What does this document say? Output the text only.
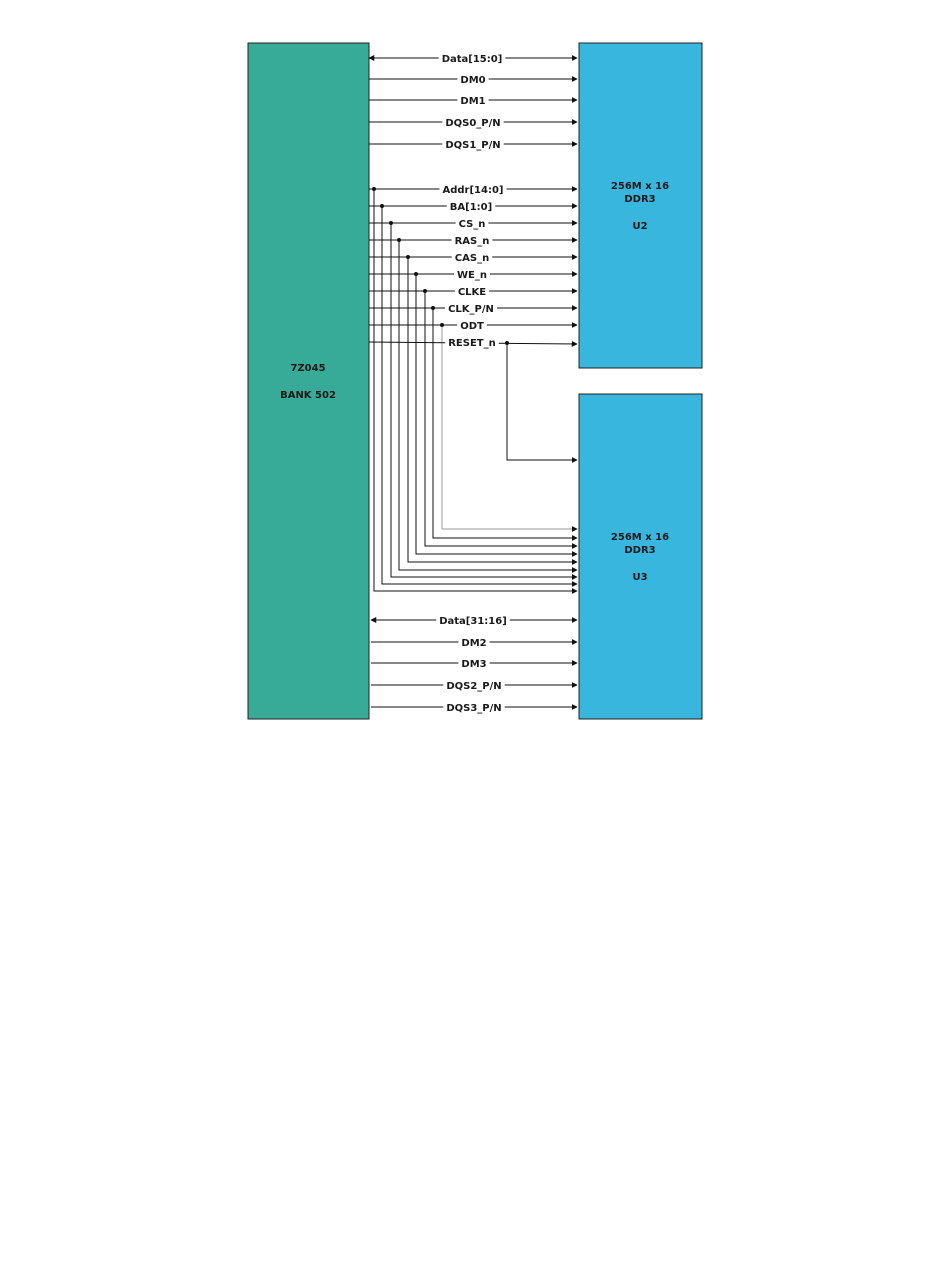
7Z045
BANK 502
256M x 16
DDR3
U2
256M x 16
DDR3
U3
Data[15:0]
DM0
DM1
DQS0_P/N
DQS1_P/N
Addr[14:0]
BA[1:0]
CS_n
RAS_n
CAS_n
WE_n
CLKE
CLK_P/N
ODT
RESET_n
Data[31:16]
DM2
DM3
DQS2_P/N
DQS3_P/N
